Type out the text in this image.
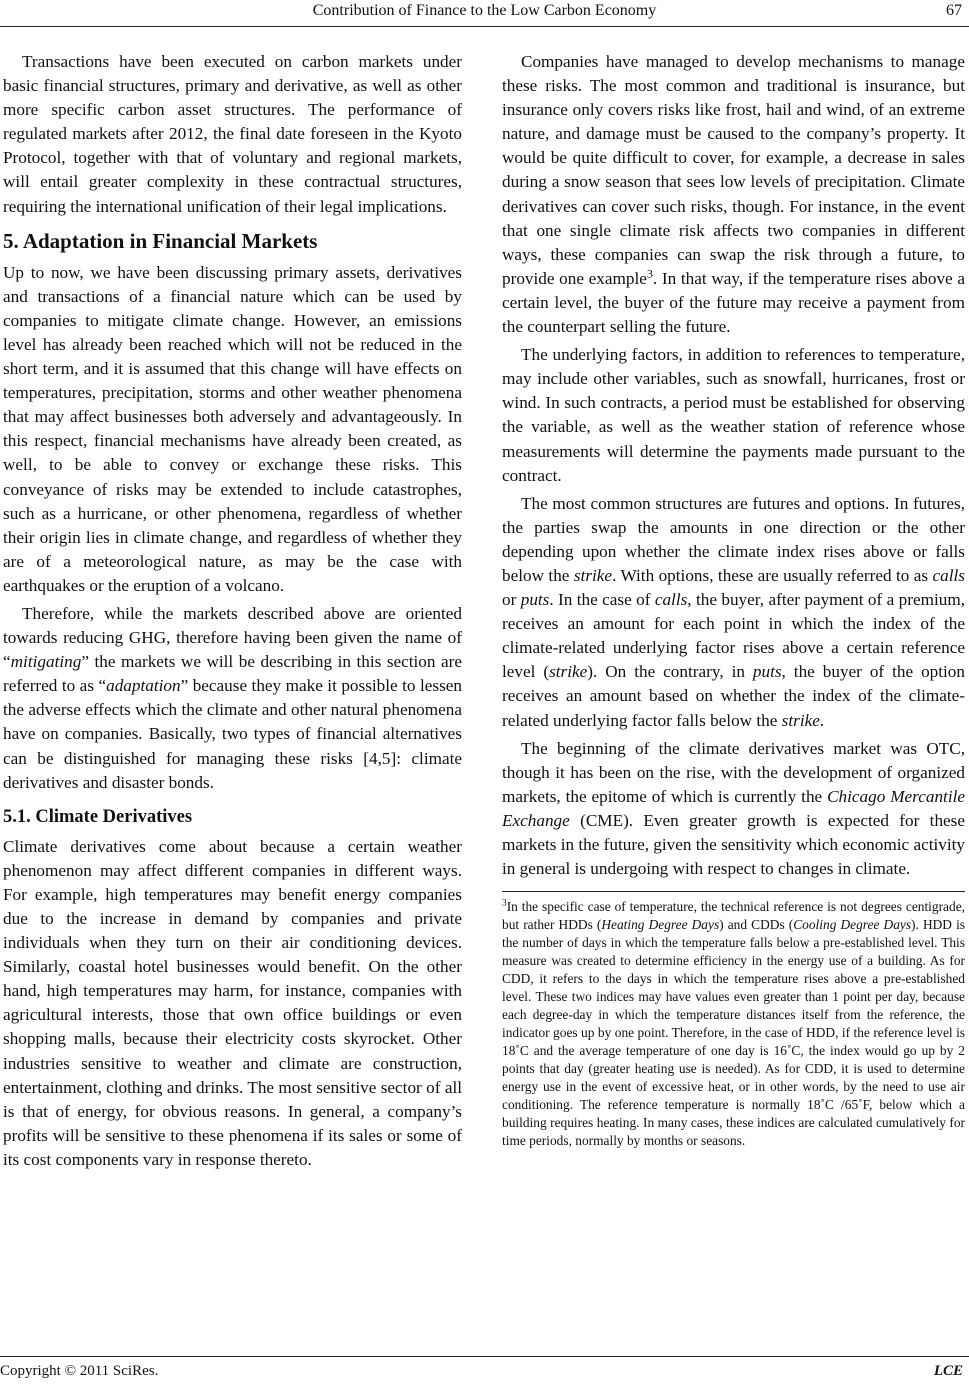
Contribution of Finance to the Low Carbon Economy	67

Transactions have been executed on carbon markets under basic financial structures, primary and derivative, as well as other more specific carbon asset structures. The performance of regulated markets after 2012, the final date foreseen in the Kyoto Protocol, together with that of voluntary and regional markets, will entail greater complexity in these contractual structures, requiring the international unification of their legal implications.

5. Adaptation in Financial Markets

Up to now, we have been discussing primary assets, derivatives and transactions of a financial nature which can be used by companies to mitigate climate change. However, an emissions level has already been reached which will not be reduced in the short term, and it is assumed that this change will have effects on temperatures, precipitation, storms and other weather phenomena that may affect businesses both adversely and advantageously. In this respect, financial mechanisms have already been created, as well, to be able to convey or exchange these risks. This conveyance of risks may be extended to include catastrophes, such as a hurricane, or other phenomena, regardless of whether their origin lies in climate change, and regardless of whether they are of a meteorological nature, as may be the case with earthquakes or the eruption of a volcano.

Therefore, while the markets described above are oriented towards reducing GHG, therefore having been given the name of “mitigating” the markets we will be describing in this section are referred to as “adaptation” because they make it possible to lessen the adverse effects which the climate and other natural phenomena have on companies. Basically, two types of financial alternatives can be distinguished for managing these risks [4,5]: climate derivatives and disaster bonds.

5.1. Climate Derivatives

Climate derivatives come about because a certain weather phenomenon may affect different companies in different ways. For example, high temperatures may benefit energy companies due to the increase in demand by companies and private individuals when they turn on their air conditioning devices. Similarly, coastal hotel businesses would benefit. On the other hand, high temperatures may harm, for instance, companies with agricultural interests, those that own office buildings or even shopping malls, because their electricity costs skyrocket. Other industries sensitive to weather and climate are construction, entertainment, clothing and drinks. The most sensitive sector of all is that of energy, for obvious reasons. In general, a company’s profits will be sensitive to these phenomena if its sales or some of its cost components vary in response thereto.

Companies have managed to develop mechanisms to manage these risks. The most common and traditional is insurance, but insurance only covers risks like frost, hail and wind, of an extreme nature, and damage must be caused to the company’s property. It would be quite difficult to cover, for example, a decrease in sales during a snow season that sees low levels of precipitation. Climate derivatives can cover such risks, though. For instance, in the event that one single climate risk affects two companies in different ways, these companies can swap the risk through a future, to provide one example$^3$. In that way, if the temperature rises above a certain level, the buyer of the future may receive a payment from the counterpart selling the future.

The underlying factors, in addition to references to temperature, may include other variables, such as snowfall, hurricanes, frost or wind. In such contracts, a period must be established for observing the variable, as well as the weather station of reference whose measurements will determine the payments made pursuant to the contract.

The most common structures are futures and options. In futures, the parties swap the amounts in one direction or the other depending upon whether the climate index rises above or falls below the strike. With options, these are usually referred to as calls or puts. In the case of calls, the buyer, after payment of a premium, receives an amount for each point in which the index of the climate-related underlying factor rises above a certain reference level (strike). On the contrary, in puts, the buyer of the option receives an amount based on whether the index of the climate-related underlying factor falls below the strike.

The beginning of the climate derivatives market was OTC, though it has been on the rise, with the development of organized markets, the epitome of which is currently the Chicago Mercantile Exchange (CME). Even greater growth is expected for these markets in the future, given the sensitivity which economic activity in general is undergoing with respect to changes in climate.

$^3$In the specific case of temperature, the technical reference is not degrees centigrade, but rather HDDs (Heating Degree Days) and CDDs (Cooling Degree Days). HDD is the number of days in which the temperature falls below a pre-established level. This measure was created to determine efficiency in the energy use of a building. As for CDD, it refers to the days in which the temperature rises above a pre-established level. These two indices may have values even greater than 1 point per day, because each degree-day in which the temperature distances itself from the reference, the indicator goes up by one point. Therefore, in the case of HDD, if the reference level is 18˚C and the average temperature of one day is 16˚C, the index would go up by 2 points that day (greater heating use is needed). As for CDD, it is used to determine energy use in the event of excessive heat, or in other words, by the need to use air conditioning. The reference temperature is normally 18˚C /65˚F, below which a building requires heating. In many cases, these indices are calculated cumulatively for time periods, normally by months or seasons.

Copyright © 2011 SciRes.	LCE
